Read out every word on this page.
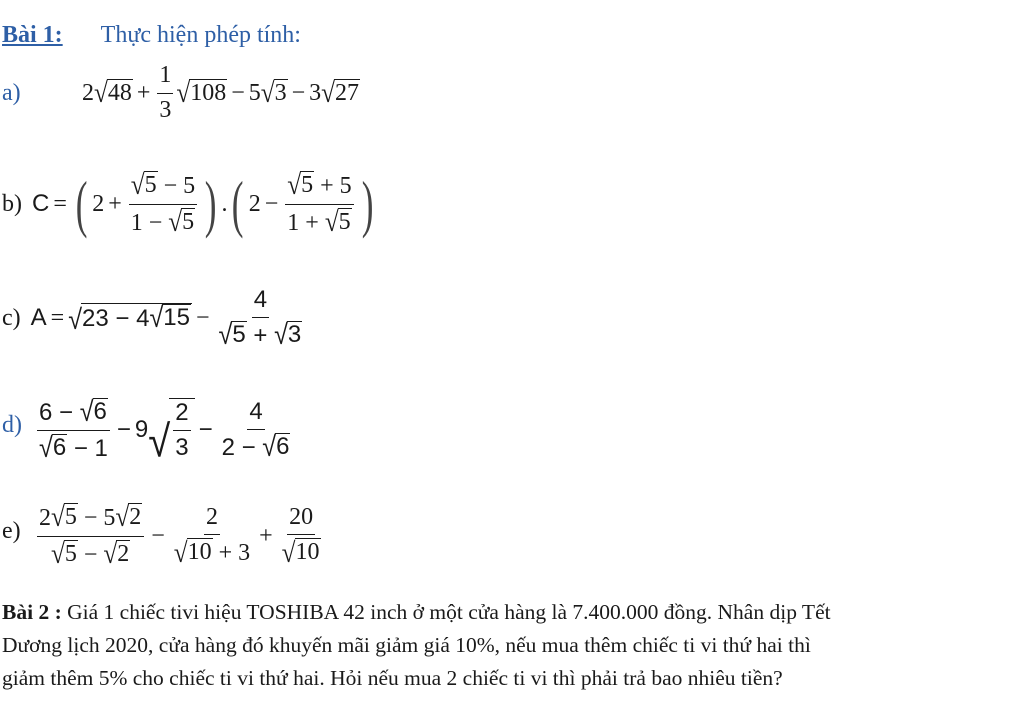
Bài 1: Thực hiện phép tính:
a)	2 √ $48 + \frac{1}{3}$ √ 108 − 5 √ 3 − 3 √ 27
b) C = ( $2 + \frac{√ 5 - 5}{1 - √ 5}$ ) . ( $2 - \frac{√ 5 + 5}{1 + √ 5}$ )
c) A = √ 23 − 4 √ $15 - \frac{4}{√ 5 + √ 3}$
$d) \frac{6 - √ 6}{√ 6 - 1} - 9$ √ $\frac{2}{3} - \frac{4}{2 - √ 6}$
$e) \frac{2 √ 5 - 5 √ 2}{√ 5 - √ 2} - \frac{2}{√ 10 + 3} + \frac{20}{√ 10}$
Bài 2 : Giá 1 chiếc tivi hiệu TOSHIBA 42 inch ở một cửa hàng là 7.400.000 đồng. Nhân dịp Tết
Dương lịch 2020, cửa hàng đó khuyến mãi giảm giá 10%, nếu mua thêm chiếc ti vi thứ hai thì
giảm thêm 5% cho chiếc ti vi thứ hai. Hỏi nếu mua 2 chiếc ti vi thì phải trả bao nhiêu tiền?
